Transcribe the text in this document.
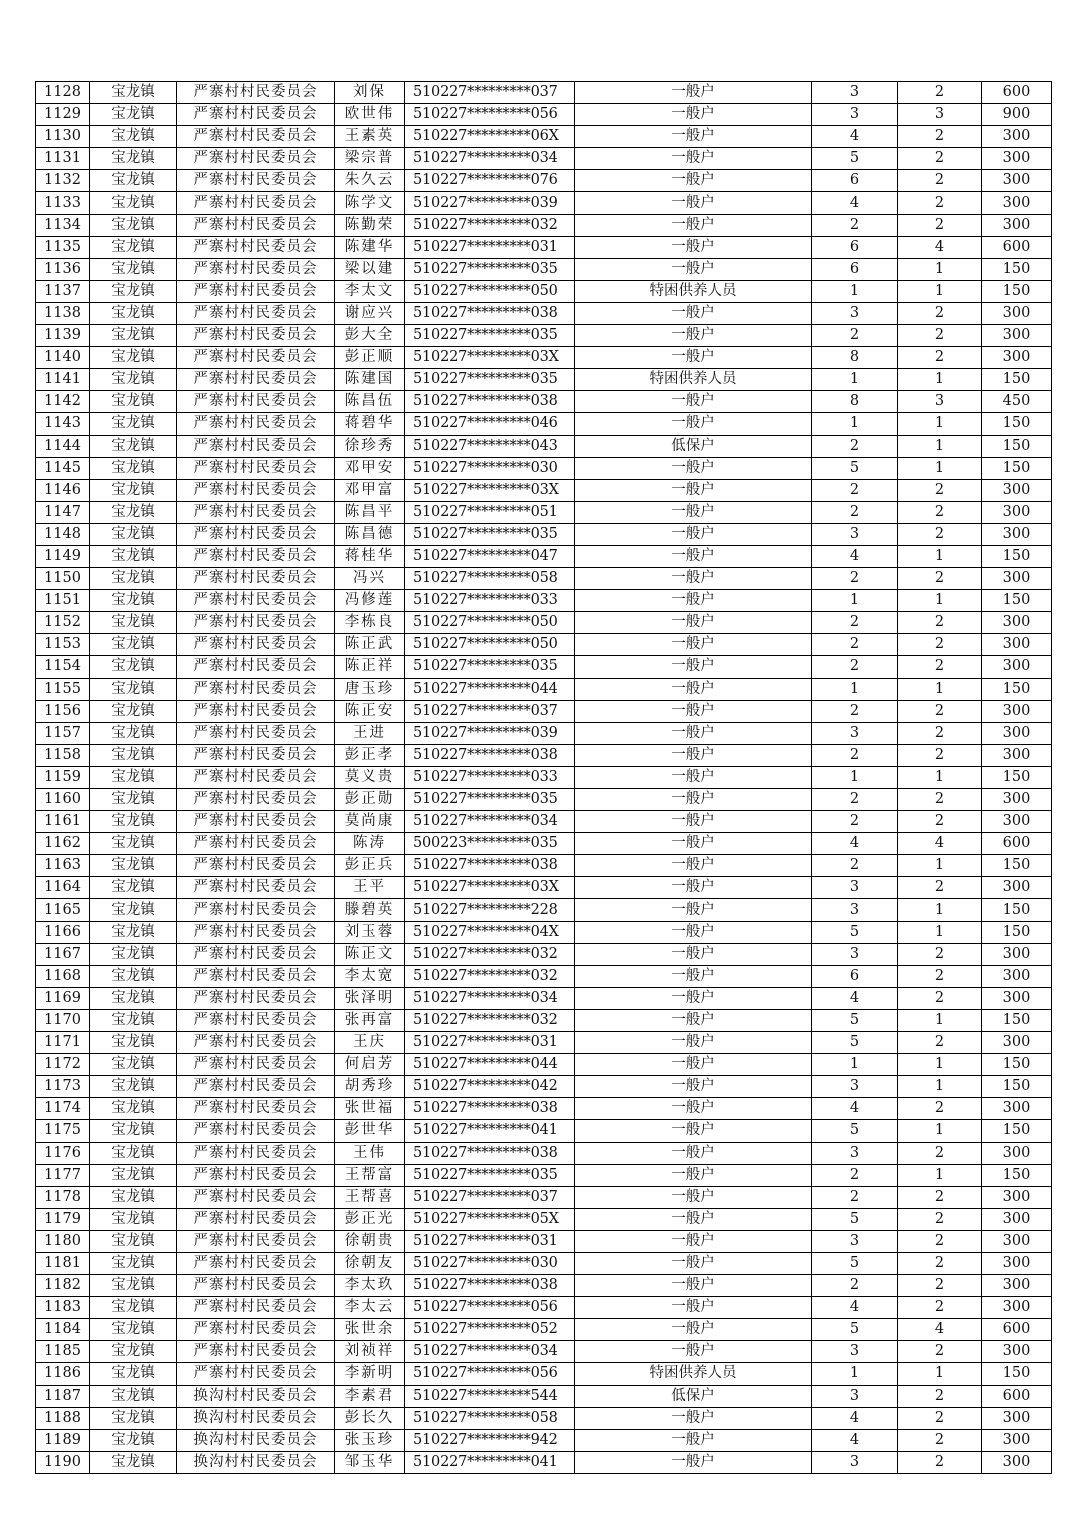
1128	宝龙镇	严寨村村民委员会	刘保	510227*********037	一般户	3	2	600
1129	宝龙镇	严寨村村民委员会	欧世伟	510227*********056	一般户	3	3	900
1130	宝龙镇	严寨村村民委员会	王素英	510227*********06X	一般户	4	2	300
1131	宝龙镇	严寨村村民委员会	梁宗普	510227*********034	一般户	5	2	300
1132	宝龙镇	严寨村村民委员会	朱久云	510227*********076	一般户	6	2	300
1133	宝龙镇	严寨村村民委员会	陈学文	510227*********039	一般户	4	2	300
1134	宝龙镇	严寨村村民委员会	陈勤荣	510227*********032	一般户	2	2	300
1135	宝龙镇	严寨村村民委员会	陈建华	510227*********031	一般户	6	4	600
1136	宝龙镇	严寨村村民委员会	梁以建	510227*********035	一般户	6	1	150
1137	宝龙镇	严寨村村民委员会	李太文	510227*********050	特困供养人员	1	1	150
1138	宝龙镇	严寨村村民委员会	谢应兴	510227*********038	一般户	3	2	300
1139	宝龙镇	严寨村村民委员会	彭大全	510227*********035	一般户	2	2	300
1140	宝龙镇	严寨村村民委员会	彭正顺	510227*********03X	一般户	8	2	300
1141	宝龙镇	严寨村村民委员会	陈建国	510227*********035	特困供养人员	1	1	150
1142	宝龙镇	严寨村村民委员会	陈昌伍	510227*********038	一般户	8	3	450
1143	宝龙镇	严寨村村民委员会	蒋碧华	510227*********046	一般户	1	1	150
1144	宝龙镇	严寨村村民委员会	徐珍秀	510227*********043	低保户	2	1	150
1145	宝龙镇	严寨村村民委员会	邓甲安	510227*********030	一般户	5	1	150
1146	宝龙镇	严寨村村民委员会	邓甲富	510227*********03X	一般户	2	2	300
1147	宝龙镇	严寨村村民委员会	陈昌平	510227*********051	一般户	2	2	300
1148	宝龙镇	严寨村村民委员会	陈昌德	510227*********035	一般户	3	2	300
1149	宝龙镇	严寨村村民委员会	蒋桂华	510227*********047	一般户	4	1	150
1150	宝龙镇	严寨村村民委员会	冯兴	510227*********058	一般户	2	2	300
1151	宝龙镇	严寨村村民委员会	冯修莲	510227*********033	一般户	1	1	150
1152	宝龙镇	严寨村村民委员会	李栋良	510227*********050	一般户	2	2	300
1153	宝龙镇	严寨村村民委员会	陈正武	510227*********050	一般户	2	2	300
1154	宝龙镇	严寨村村民委员会	陈正祥	510227*********035	一般户	2	2	300
1155	宝龙镇	严寨村村民委员会	唐玉珍	510227*********044	一般户	1	1	150
1156	宝龙镇	严寨村村民委员会	陈正安	510227*********037	一般户	2	2	300
1157	宝龙镇	严寨村村民委员会	王进	510227*********039	一般户	3	2	300
1158	宝龙镇	严寨村村民委员会	彭正孝	510227*********038	一般户	2	2	300
1159	宝龙镇	严寨村村民委员会	莫义贵	510227*********033	一般户	1	1	150
1160	宝龙镇	严寨村村民委员会	彭正勋	510227*********035	一般户	2	2	300
1161	宝龙镇	严寨村村民委员会	莫尚康	510227*********034	一般户	2	2	300
1162	宝龙镇	严寨村村民委员会	陈涛	500223*********035	一般户	4	4	600
1163	宝龙镇	严寨村村民委员会	彭正兵	510227*********038	一般户	2	1	150
1164	宝龙镇	严寨村村民委员会	王平	510227*********03X	一般户	3	2	300
1165	宝龙镇	严寨村村民委员会	滕碧英	510227*********228	一般户	3	1	150
1166	宝龙镇	严寨村村民委员会	刘玉蓉	510227*********04X	一般户	5	1	150
1167	宝龙镇	严寨村村民委员会	陈正文	510227*********032	一般户	3	2	300
1168	宝龙镇	严寨村村民委员会	李太宽	510227*********032	一般户	6	2	300
1169	宝龙镇	严寨村村民委员会	张泽明	510227*********034	一般户	4	2	300
1170	宝龙镇	严寨村村民委员会	张再富	510227*********032	一般户	5	1	150
1171	宝龙镇	严寨村村民委员会	王庆	510227*********031	一般户	5	2	300
1172	宝龙镇	严寨村村民委员会	何启芳	510227*********044	一般户	1	1	150
1173	宝龙镇	严寨村村民委员会	胡秀珍	510227*********042	一般户	3	1	150
1174	宝龙镇	严寨村村民委员会	张世福	510227*********038	一般户	4	2	300
1175	宝龙镇	严寨村村民委员会	彭世华	510227*********041	一般户	5	1	150
1176	宝龙镇	严寨村村民委员会	王伟	510227*********038	一般户	3	2	300
1177	宝龙镇	严寨村村民委员会	王帮富	510227*********035	一般户	2	1	150
1178	宝龙镇	严寨村村民委员会	王帮喜	510227*********037	一般户	2	2	300
1179	宝龙镇	严寨村村民委员会	彭正光	510227*********05X	一般户	5	2	300
1180	宝龙镇	严寨村村民委员会	徐朝贵	510227*********031	一般户	3	2	300
1181	宝龙镇	严寨村村民委员会	徐朝友	510227*********030	一般户	5	2	300
1182	宝龙镇	严寨村村民委员会	李太玖	510227*********038	一般户	2	2	300
1183	宝龙镇	严寨村村民委员会	李太云	510227*********056	一般户	4	2	300
1184	宝龙镇	严寨村村民委员会	张世余	510227*********052	一般户	5	4	600
1185	宝龙镇	严寨村村民委员会	刘祯祥	510227*********034	一般户	3	2	300
1186	宝龙镇	严寨村村民委员会	李新明	510227*********056	特困供养人员	1	1	150
1187	宝龙镇	换沟村村民委员会	李素君	510227*********544	低保户	3	2	600
1188	宝龙镇	换沟村村民委员会	彭长久	510227*********058	一般户	4	2	300
1189	宝龙镇	换沟村村民委员会	张玉珍	510227*********942	一般户	4	2	300
1190	宝龙镇	换沟村村民委员会	邹玉华	510227*********041	一般户	3	2	300
